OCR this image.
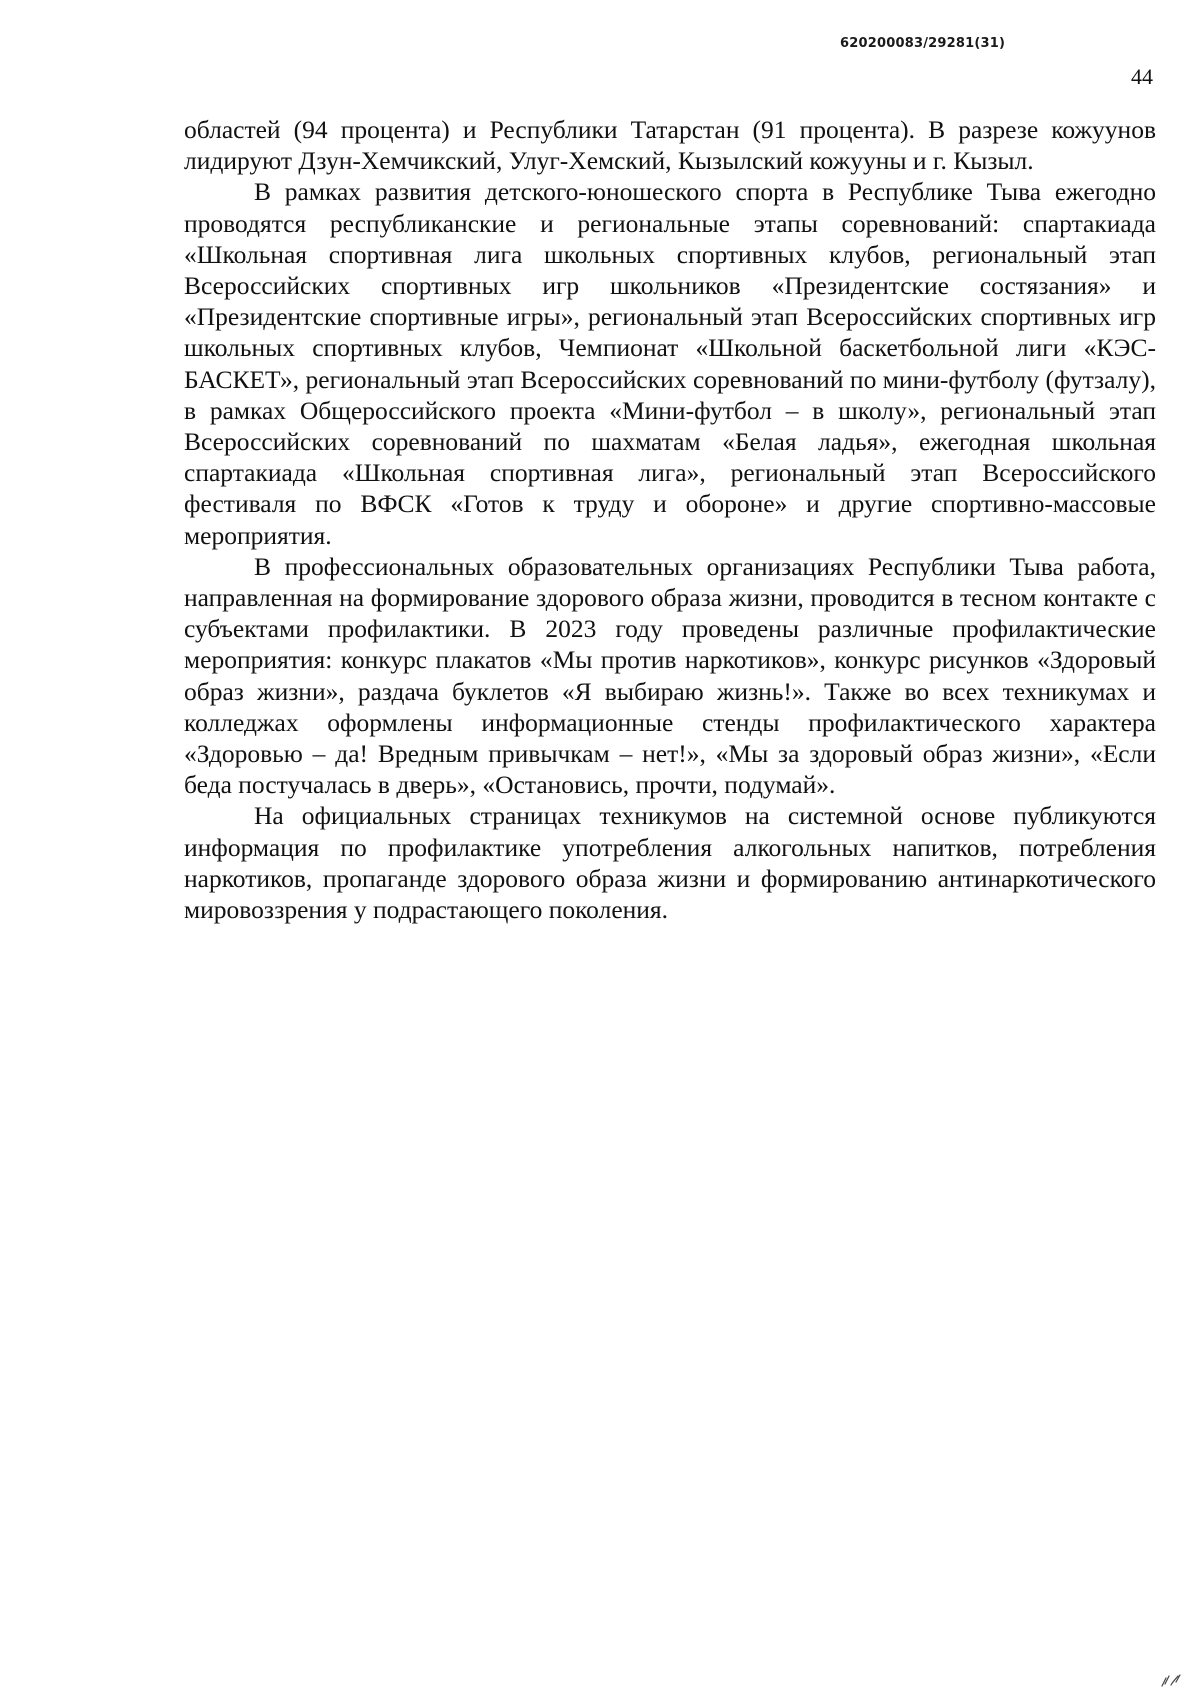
620200083/29281(31)
44

областей (94 процента) и Республики Татарстан (91 процента). В разрезе кожуунов лидируют Дзун-Хемчикский, Улуг-Хемский, Кызылский кожууны и г. Кызыл.

В рамках развития детского-юношеского спорта в Республике Тыва ежегодно проводятся республиканские и региональные этапы соревнований: спартакиада «Школьная спортивная лига школьных спортивных клубов, региональный этап Всероссийских спортивных игр школьников «Президентские состязания» и «Президентские спортивные игры», региональный этап Всероссийских спортивных игр школьных спортивных клубов, Чемпионат «Школьной баскетбольной лиги «КЭС-БАСКЕТ», региональный этап Всероссийских соревнований по мини-футболу (футзалу), в рамках Общероссийского проекта «Мини-футбол – в школу», региональный этап Всероссийских соревнований по шахматам «Белая ладья», ежегодная школьная спартакиада «Школьная спортивная лига», региональный этап Всероссийского фестиваля по ВФСК «Готов к труду и обороне» и другие спортивно-массовые мероприятия.

В профессиональных образовательных организациях Республики Тыва работа, направленная на формирование здорового образа жизни, проводится в тесном контакте с субъектами профилактики. В 2023 году проведены различные профилактические мероприятия: конкурс плакатов «Мы против наркотиков», конкурс рисунков «Здоровый образ жизни», раздача буклетов «Я выбираю жизнь!». Также во всех техникумах и колледжах оформлены информационные стенды профилактического характера «Здоровью – да! Вредным привычкам – нет!», «Мы за здоровый образ жизни», «Если беда постучалась в дверь», «Остановись, прочти, подумай».

На официальных страницах техникумов на системной основе публикуются информация по профилактике употребления алкогольных напитков, потребления наркотиков, пропаганде здорового образа жизни и формированию антинаркотического мировоззрения у подрастающего поколения.
